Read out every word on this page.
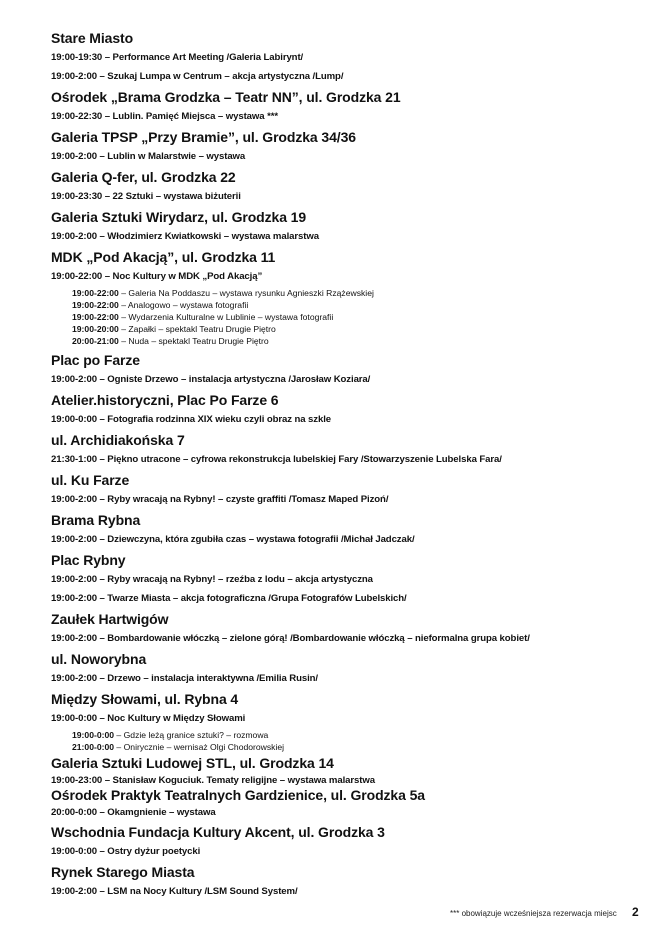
Stare Miasto
19:00-19:30 – Performance Art Meeting /Galeria Labirynt/
19:00-2:00 – Szukaj Lumpa w Centrum – akcja artystyczna /Lump/
Ośrodek „Brama Grodzka – Teatr NN”, ul. Grodzka 21
19:00-22:30 – Lublin. Pamięć Miejsca – wystawa ***
Galeria TPSP „Przy Bramie”, ul. Grodzka 34/36
19:00-2:00 – Lublin w Malarstwie – wystawa
Galeria Q-fer, ul. Grodzka 22
19:00-23:30 – 22 Sztuki – wystawa biżuterii
Galeria Sztuki Wirydarz, ul. Grodzka 19
19:00-2:00 – Włodzimierz Kwiatkowski – wystawa malarstwa
MDK „Pod Akacją”, ul. Grodzka 11
19:00-22:00 – Noc Kultury w MDK „Pod Akacją”
19:00-22:00 – Galeria Na Poddaszu – wystawa rysunku Agnieszki Rzążewskiej
19:00-22:00 – Analogowo – wystawa fotografii
19:00-22:00 – Wydarzenia Kulturalne w Lublinie – wystawa fotografii
19:00-20:00 – Zapałki – spektakl Teatru Drugie Piętro
20:00-21:00 – Nuda – spektakl Teatru Drugie Piętro
Plac po Farze
19:00-2:00 – Ogniste Drzewo – instalacja artystyczna /Jarosław Koziara/
Atelier.historyczni, Plac Po Farze 6
19:00-0:00 – Fotografia rodzinna XIX wieku czyli obraz na szkle
ul. Archidiakońska 7
21:30-1:00 – Piękno utracone – cyfrowa rekonstrukcja lubelskiej Fary /Stowarzyszenie Lubelska Fara/
ul. Ku Farze
19:00-2:00 – Ryby wracają na Rybny! – czyste graffiti /Tomasz Maped Pizoń/
Brama Rybna
19:00-2:00 – Dziewczyna, która zgubiła czas – wystawa fotografii /Michał Jadczak/
Plac Rybny
19:00-2:00 – Ryby wracają na Rybny! – rzeźba z lodu – akcja artystyczna
19:00-2:00 – Twarze Miasta – akcja fotograficzna /Grupa Fotografów Lubelskich/
Zaułek Hartwigów
19:00-2:00 – Bombardowanie włóczką – zielone górą! /Bombardowanie włóczką – nieformalna grupa kobiet/
ul. Noworybna
19:00-2:00 – Drzewo – instalacja interaktywna /Emilia Rusin/
Między Słowami, ul. Rybna 4
19:00-0:00 – Noc Kultury w Między Słowami
19:00-0:00 – Gdzie leżą granice sztuki? – rozmowa
21:00-0:00 – Onirycznie – wernisaż Olgi Chodorowskiej
Galeria Sztuki Ludowej STL, ul. Grodzka 14
19:00-23:00 – Stanisław Koguciuk. Tematy religijne – wystawa malarstwa
Ośrodek Praktyk Teatralnych Gardzienice, ul. Grodzka 5a
20:00-0:00 – Okamgnienie – wystawa
Wschodnia Fundacja Kultury Akcent, ul. Grodzka 3
19:00-0:00 – Ostry dyżur poetycki
Rynek Starego Miasta
19:00-2:00 – LSM na Nocy Kultury /LSM Sound System/
*** obowiązuje wcześniejsza rezerwacja miejsc 2
